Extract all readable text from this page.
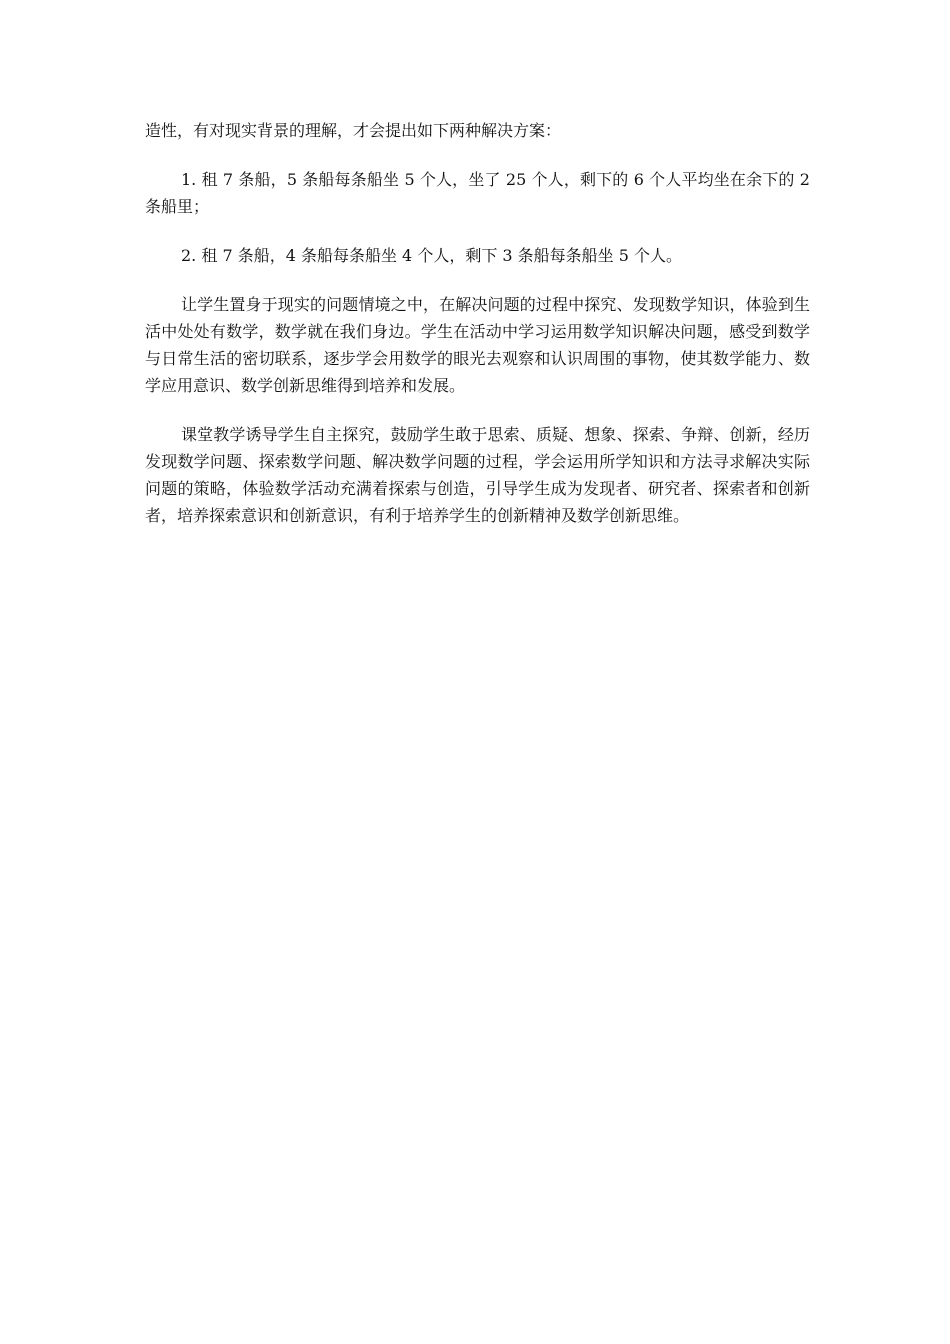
造性，有对现实背景的理解，才会提出如下两种解决方案：

1. 租 7 条船，5 条船每条船坐 5 个人，坐了 25 个人，剩下的 6 个人平均坐在余下的 2 条船里；

2. 租 7 条船，4 条船每条船坐 4 个人，剩下 3 条船每条船坐 5 个人。

让学生置身于现实的问题情境之中，在解决问题的过程中探究、发现数学知识，体验到生活中处处有数学，数学就在我们身边。学生在活动中学习运用数学知识解决问题，感受到数学与日常生活的密切联系，逐步学会用数学的眼光去观察和认识周围的事物，使其数学能力、数学应用意识、数学创新思维得到培养和发展。

课堂教学诱导学生自主探究，鼓励学生敢于思索、质疑、想象、探索、争辩、创新，经历发现数学问题、探索数学问题、解决数学问题的过程，学会运用所学知识和方法寻求解决实际问题的策略，体验数学活动充满着探索与创造，引导学生成为发现者、研究者、探索者和创新者，培养探索意识和创新意识，有利于培养学生的创新精神及数学创新思维。
